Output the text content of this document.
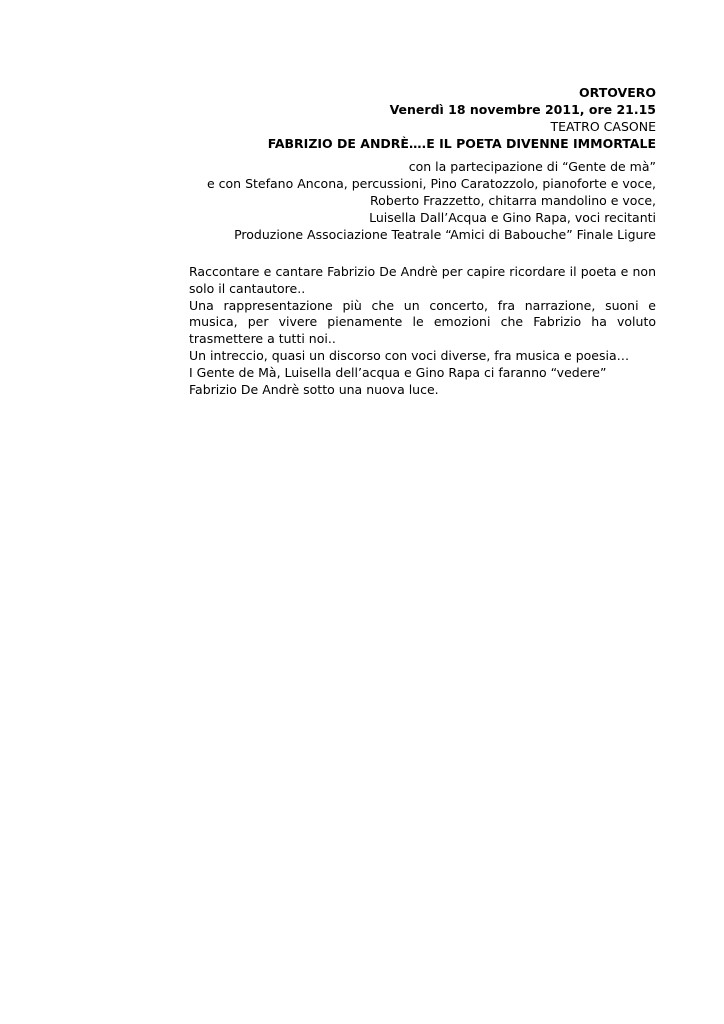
ORTOVERO
Venerdì 18 novembre 2011, ore 21.15
TEATRO CASONE
FABRIZIO DE ANDRÈ….E IL POETA DIVENNE IMMORTALE
con la partecipazione di “Gente de mà”
e con Stefano Ancona, percussioni, Pino Caratozzolo, pianoforte e voce,
Roberto Frazzetto, chitarra mandolino e voce,
Luisella Dall’Acqua e Gino Rapa, voci recitanti
Produzione Associazione Teatrale “Amici di Babouche” Finale Ligure

Raccontare e cantare Fabrizio De Andrè per capire ricordare il poeta e non solo il cantautore..

Una rappresentazione più che un concerto, fra narrazione, suoni e musica, per vivere pienamente le emozioni che Fabrizio ha voluto trasmettere a tutti noi..

Un intreccio, quasi un discorso con voci diverse, fra musica e poesia…

I Gente de Mà, Luisella dell’acqua e Gino Rapa ci faranno “vedere” Fabrizio De Andrè sotto una nuova luce.
